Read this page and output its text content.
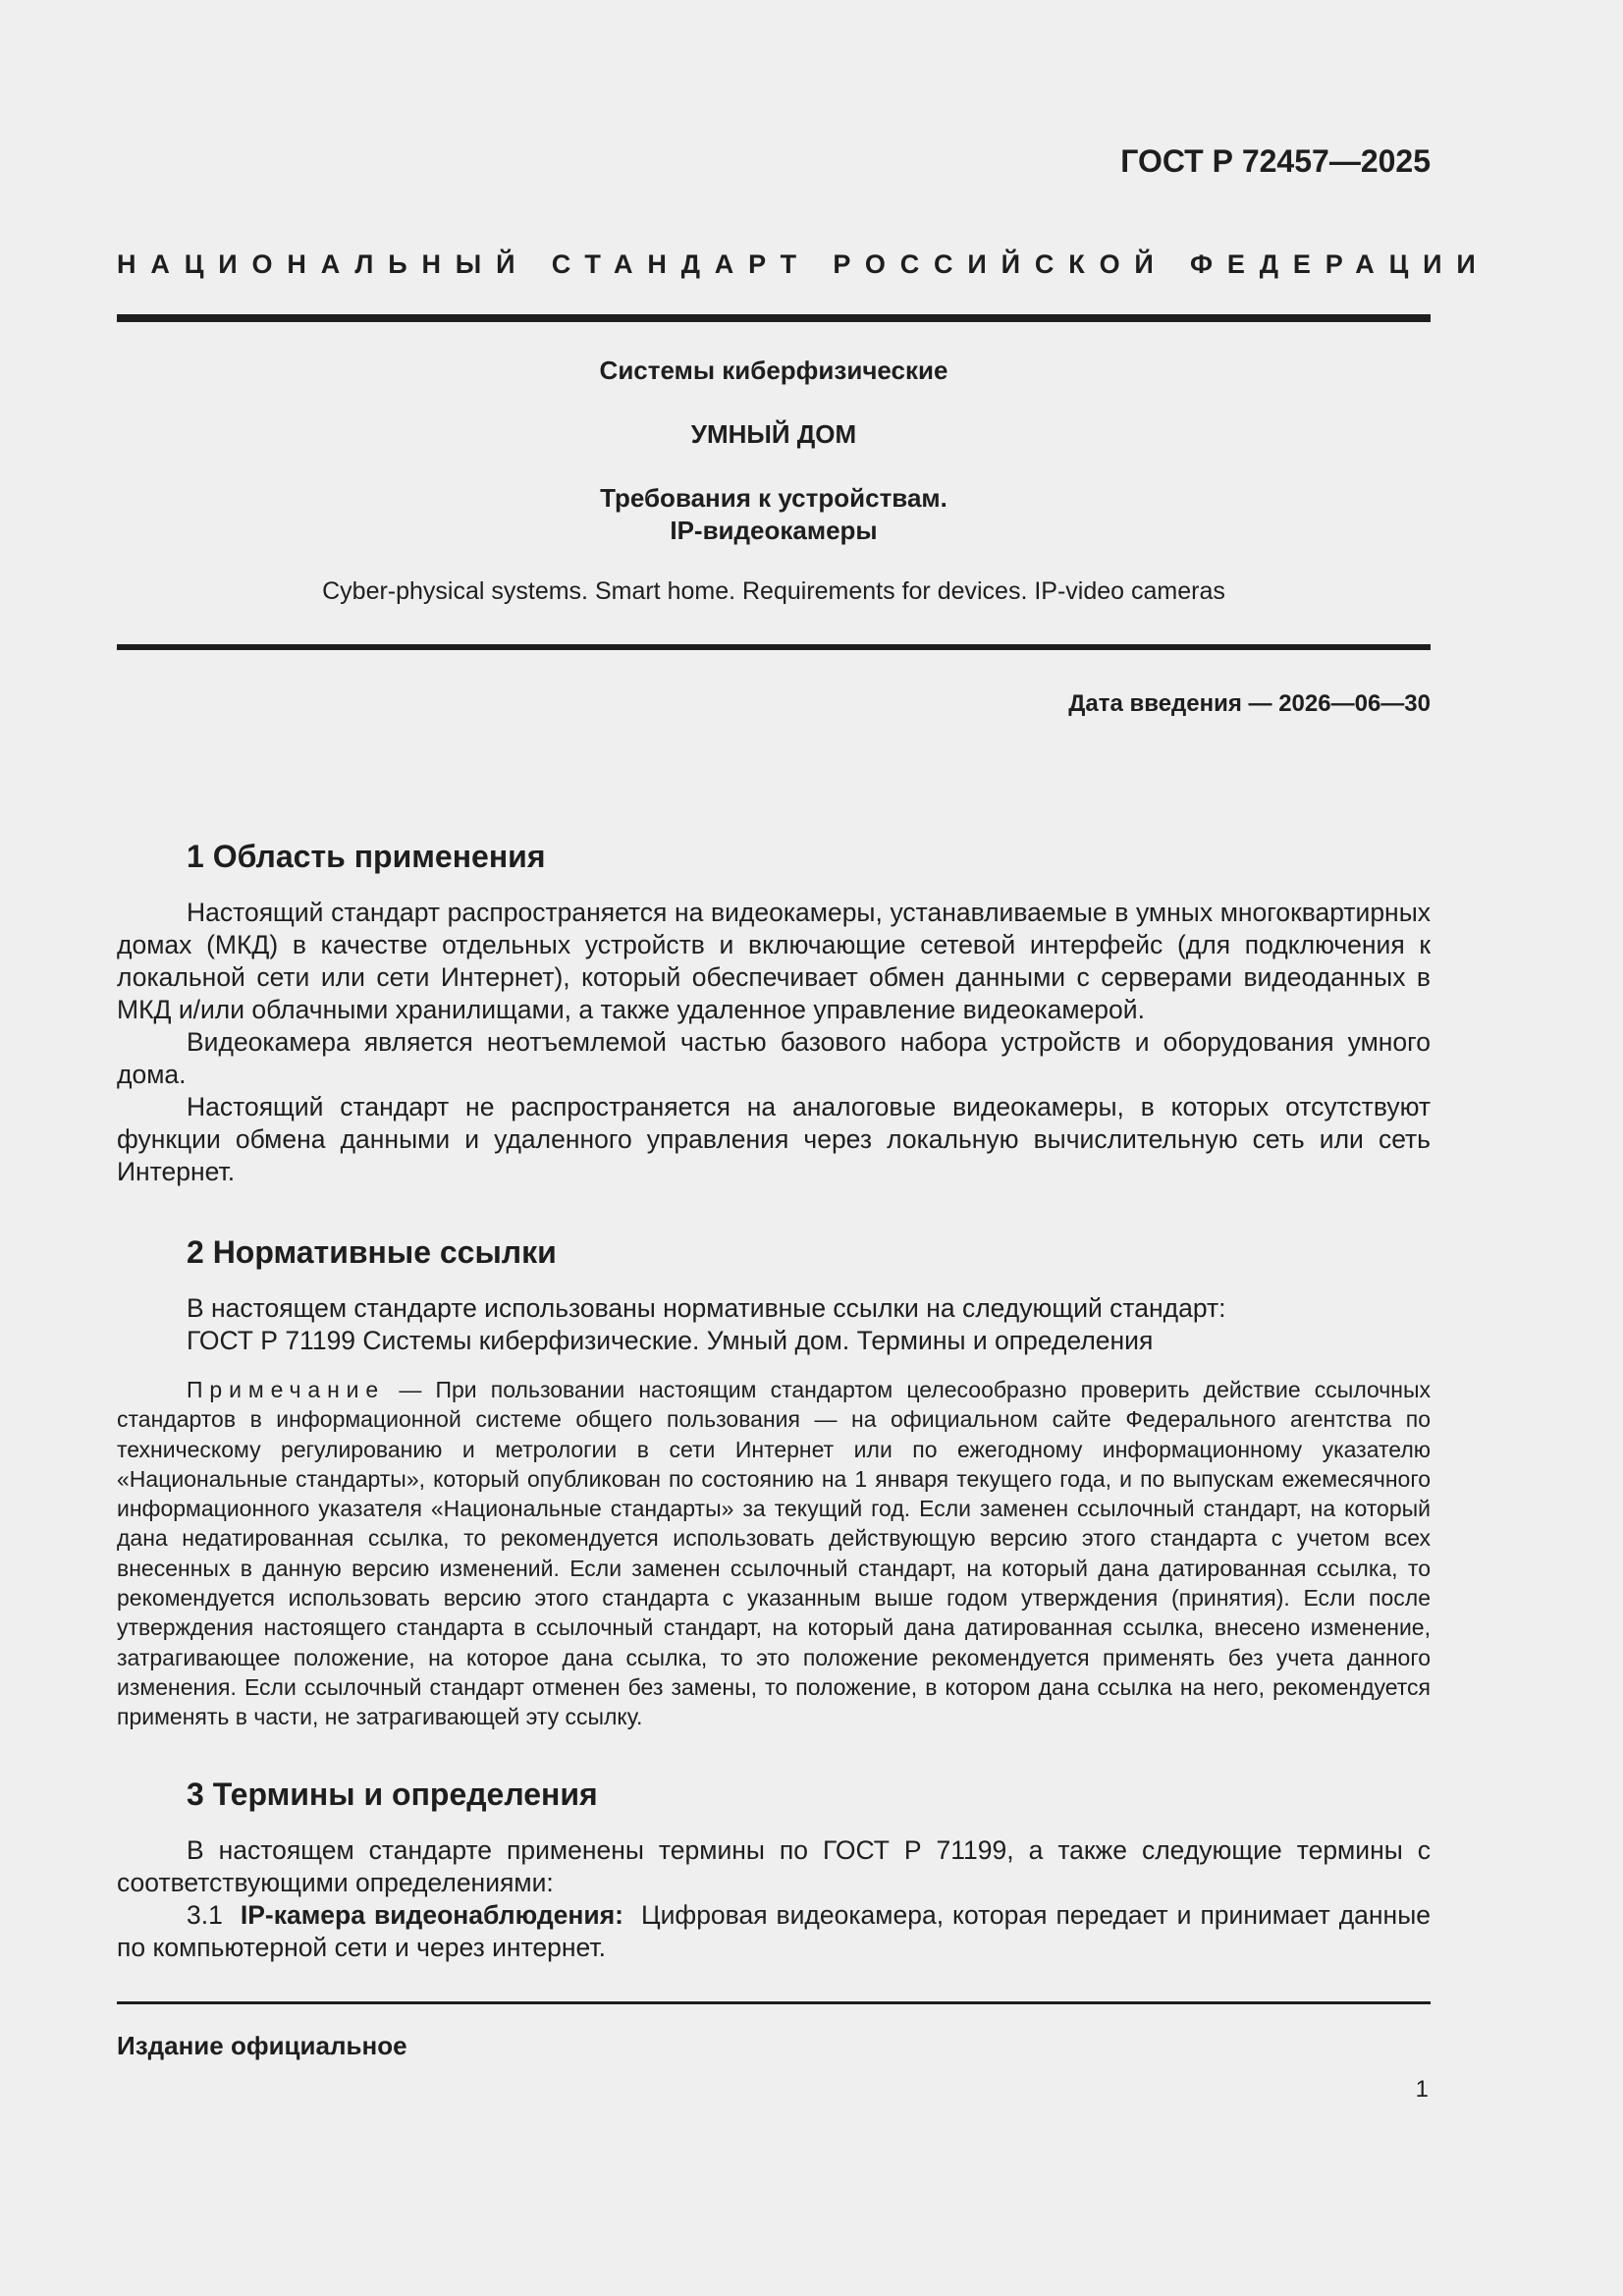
ГОСТ Р 72457—2025
НАЦИОНАЛЬНЫЙ СТАНДАРТ РОССИЙСКОЙ ФЕДЕРАЦИИ
Системы киберфизические
УМНЫЙ ДОМ
Требования к устройствам.
IP-видеокамеры
Cyber-physical systems. Smart home. Requirements for devices. IP-video cameras
Дата введения — 2026—06—30
1 Область применения

Настоящий стандарт распространяется на видеокамеры, устанавливаемые в умных многоквартирных домах (МКД) в качестве отдельных устройств и включающие сетевой интерфейс (для подключения к локальной сети или сети Интернет), который обеспечивает обмен данными с серверами видеоданных в МКД и/или облачными хранилищами, а также удаленное управление видеокамерой.

Видеокамера является неотъемлемой частью базового набора устройств и оборудования умного дома.

Настоящий стандарт не распространяется на аналоговые видеокамеры, в которых отсутствуют функции обмена данными и удаленного управления через локальную вычислительную сеть или сеть Интернет.

2 Нормативные ссылки

В настоящем стандарте использованы нормативные ссылки на следующий стандарт:

ГОСТ Р 71199 Системы киберфизические. Умный дом. Термины и определения

Примечание — При пользовании настоящим стандартом целесообразно проверить действие ссылочных стандартов в информационной системе общего пользования — на официальном сайте Федерального агентства по техническому регулированию и метрологии в сети Интернет или по ежегодному информационному указателю «Национальные стандарты», который опубликован по состоянию на 1 января текущего года, и по выпускам ежемесячного информационного указателя «Национальные стандарты» за текущий год. Если заменен ссылочный стандарт, на который дана недатированная ссылка, то рекомендуется использовать действующую версию этого стандарта с учетом всех внесенных в данную версию изменений. Если заменен ссылочный стандарт, на который дана датированная ссылка, то рекомендуется использовать версию этого стандарта с указанным выше годом утверждения (принятия). Если после утверждения настоящего стандарта в ссылочный стандарт, на который дана датированная ссылка, внесено изменение, затрагивающее положение, на которое дана ссылка, то это положение рекомендуется применять без учета данного изменения. Если ссылочный стандарт отменен без замены, то положение, в котором дана ссылка на него, рекомендуется применять в части, не затрагивающей эту ссылку.

3 Термины и определения

В настоящем стандарте применены термины по ГОСТ Р 71199, а также следующие термины с соответствующими определениями:

3.1 IP-камера видеонаблюдения: Цифровая видеокамера, которая передает и принимает данные по компьютерной сети и через интернет.

Издание официальное
1
